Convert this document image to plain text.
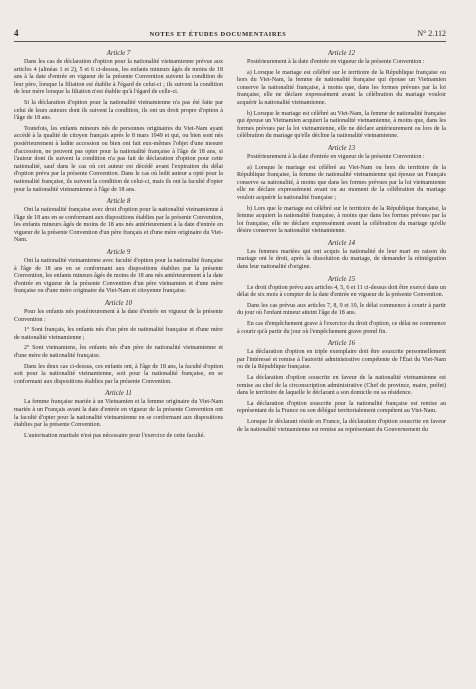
4	NOTES ET ÉTUDES DOCUMENTAIRES	N° 2.112
Article 7

Dans les cas de déclaration d'option pour la nationalité vietnamienne prévue aux articles 4 (alinéas 1 et 2), 5 et 6 ci-dessus, les enfants mineurs âgés de moins de 18 ans à la date d'entrée en vigueur de la présente Convention suivent la condition de leur père, lorsque la filiation est établie à l'égard de celui-ci ; ils suivent la condition de leur mère lorsque la filiation n'est établie qu'à l'égard de celle-ci.

Si la déclaration d'option pour la nationalité vietnamienne n'a pas été faite par celui de leurs auteurs dont ils suivent la condition, ils ont un droit propre d'option à l'âge de 18 ans.

Toutefois, les enfants mineurs nés de personnes originaires du Viet-Nam ayant accédé à la qualité de citoyen français après le 8 mars 1949 et qui, ou bien sont nés postérieurement à ladite accession ou bien ont fait eux-mêmes l'objet d'une mesure d'accession, ne peuvent pas opter pour la nationalité française à l'âge de 18 ans, si l'auteur dont ils suivent la condition n'a pas fait de déclaration d'option pour cette nationalité, sauf dans le cas où cet auteur est décédé avant l'expiration du délai d'option prévu par la présente Convention. Dans le cas où ledit auteur a opté pour la nationalité française, ils suivent la condition de celui-ci, mais ils ont la faculté d'opter pour la nationalité vietnamienne à l'âge de 18 ans.

Article 8

Ont la nationalité française avec droit d'option pour la nationalité vietnamienne à l'âge de 18 ans en se conformant aux dispositions établies par la présente Convention, les enfants mineurs âgés de moins de 18 ans nés antérieurement à la date d'entrée en vigueur de la présente Convention d'un père français et d'une mère originaire du Viet-Nam.

Article 9

Ont la nationalité vietnamienne avec faculté d'option pour la nationalité française à l'âge de 18 ans en se conformant aux dispositions établies par la présente Convention, les enfants mineurs âgés de moins de 18 ans nés antérieurement à la date d'entrée en vigueur de la présente Convention d'un père vietnamien et d'une mère française ou d'une mère originaire du Viet-Nam et citoyenne française.

Article 10

Pour les enfants nés postérieurement à la date d'entrée en vigueur de la présente Convention :

1° Sont français, les enfants nés d'un père de nationalité française et d'une mère de nationalité vietnamienne ;

2° Sont vietnamiens, les enfants nés d'un père de nationalité vietnamienne et d'une mère de nationalité française.

Dans les deux cas ci-dessus, ces enfants ont, à l'âge de 18 ans, la faculté d'option soit pour la nationalité vietnamienne, soit pour la nationalité française, en se conformant aux dispositions établies par la présente Convention.

Article 11

La femme française mariée à un Vietnamien et la femme originaire du Viet-Nam mariée à un Français avant la date d'entrée en vigueur de la présente Convention ont la faculté d'opter pour la nationalité vietnamienne en se conformant aux dispositions établies par la présente Convention.

L'autorisation maritale n'est pas nécessaire pour l'exercice de cette faculté.

Article 12

Postérieurement à la date d'entrée en vigueur de la présente Convention :

a) Lorsque le mariage est célébré sur le territoire de la République française ou hors du Viet-Nam, la femme de nationalité française qui épouse un Vietnamien conserve la nationalité française, à moins que, dans les formes prévues par la loi française, elle ne déclare expressément avant la célébration du mariage vouloir acquérir la nationalité vietnamienne.

b) Lorsque le mariage est célébré au Viet-Nam, la femme de nationalité française qui épouse un Vietnamien acquiert la nationalité vietnamienne, à moins que, dans les formes prévues par la loi vietnamienne, elle ne déclare antérieurement ou lors de la célébration du mariage qu'elle décline la nationalité vietnamienne.

Article 13

Postérieurement à la date d'entrée en vigueur de la présente Convention :

a) Lorsque le mariage est célébré au Viet-Nam ou hors du territoire de la République française, la femme de nationalité vietnamienne qui épouse un Français conserve sa nationalité, à moins que dans les formes prévues par la loi vietnamienne elle ne déclare expressément avant ou au moment de la célébration du mariage vouloir acquérir la nationalité française ;

b) Lors que le mariage est célébré sur le territoire de la République française, la femme acquiert la nationalité française, à moins que dans les formes prévues par la loi française, elle ne déclare expressément avant la célébration du mariage qu'elle désire conserver la nationalité vietnamienne.

Article 14

Les femmes mariées qui ont acquis la nationalité de leur mari en raison du mariage ont le droit, après la dissolution du mariage, de demander la réintégration dans leur nationalité d'origine.

Article 15

Le droit d'option prévu aux articles 4, 5, 6 et 11 ci-dessus doit être exercé dans un délai de six mois à compter de la date d'entrée en vigueur de la présente Convention.

Dans les cas prévus aux articles 7, 8, 9 et 10, le délai commence à courir à partir du jour où l'enfant mineur atteint l'âge de 18 ans.

En cas d'empêchement grave à l'exercice du droit d'option, ce délai ne commence à courir qu'à partir du jour où l'empêchement grave prend fin.

Article 16

La déclaration d'option en triple exemplaire doit être souscrite personnellement par l'intéressé et remise à l'autorité administrative compétente de l'État du Viet-Nam ou de la République française.

La déclaration d'option souscrite en faveur de la nationalité vietnamienne est remise au chef de la circonscription administrative (Chef de province, maire, préfet) dans le territoire de laquelle le déclarant a son domicile ou sa résidence.

La déclaration d'option souscrite pour la nationalité française est remise au représentant de la France ou son délégué territorialement compétent au Viet-Nam.

Lorsque le déclarant réside en France, la déclaration d'option souscrite en faveur de la nationalité vietnamienne est remise au représentant du Gouvernement du
